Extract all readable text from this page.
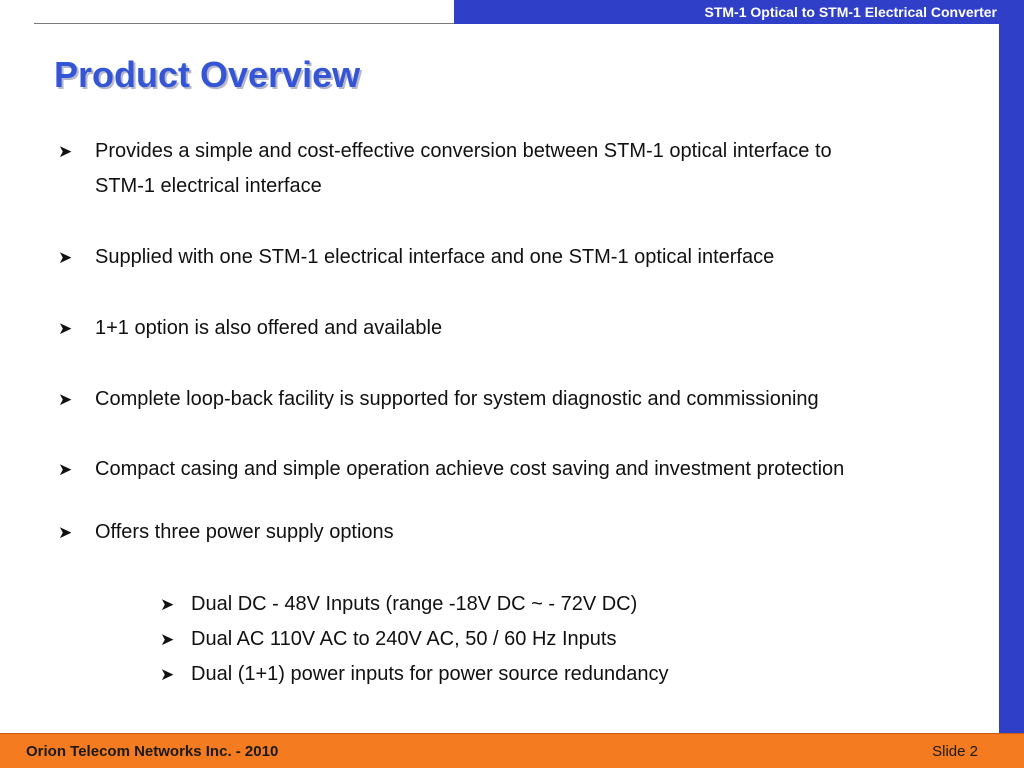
STM-1 Optical to STM-1 Electrical Converter
Product Overview
➤ Provides a simple and cost-effective conversion between STM-1 optical interface to
STM-1 electrical interface
➤ Supplied with one STM-1 electrical interface and one STM-1 optical interface
➤ 1+1 option is also offered and available
➤ Complete loop-back facility is supported for system diagnostic and commissioning
➤ Compact casing and simple operation achieve cost saving and investment protection
➤ Offers three power supply options
➤ Dual DC - 48V Inputs (range -18V DC ~ - 72V DC)
➤ Dual AC 110V AC to 240V AC, 50 / 60 Hz Inputs
➤ Dual (1+1) power inputs for power source redundancy
Orion Telecom Networks Inc. - 2010	Slide 2
